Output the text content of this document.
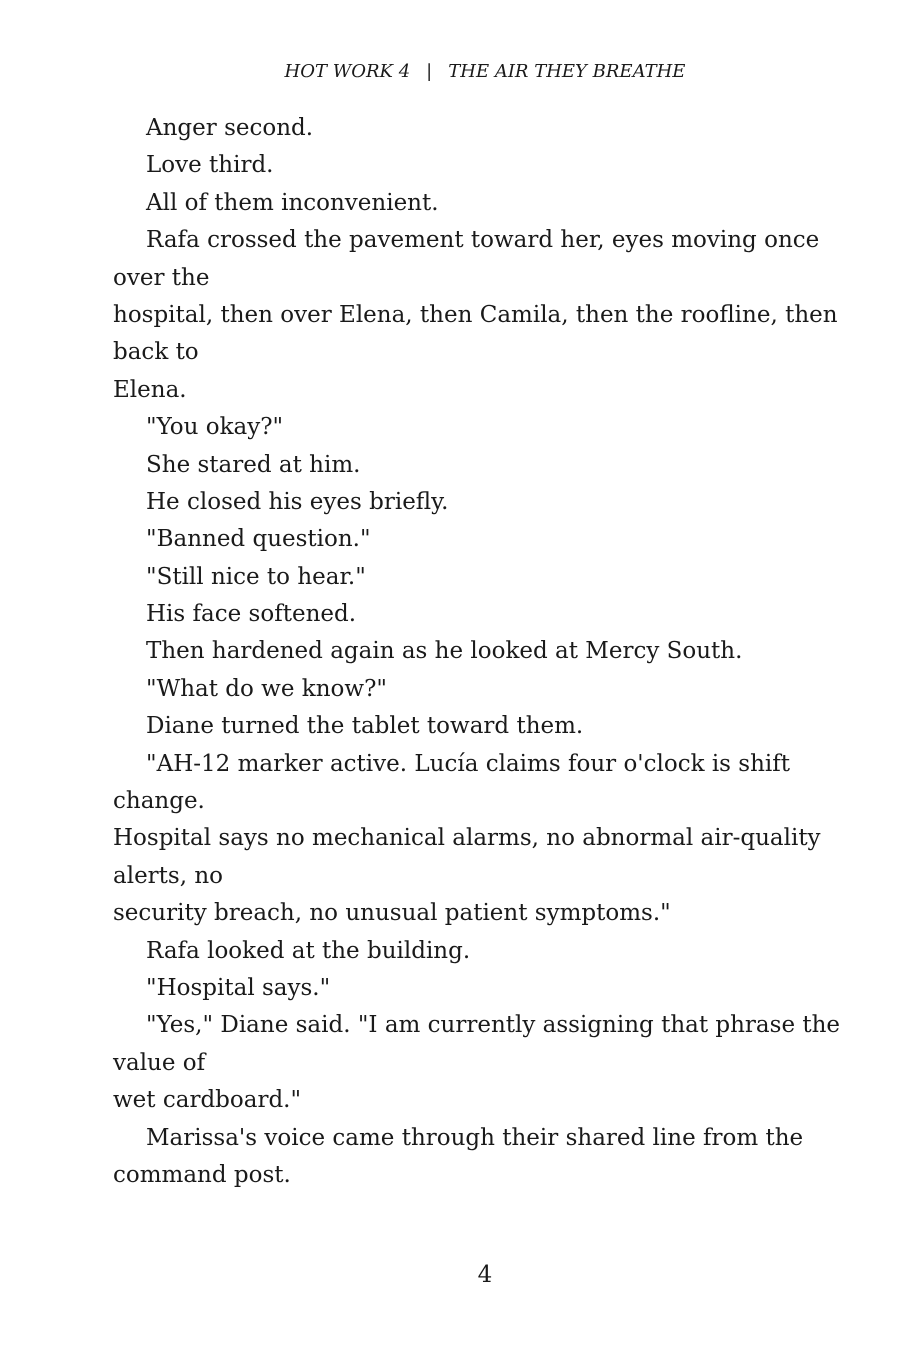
HOT WORK 4 | THE AIR THEY BREATHE
Anger second.
Love third.
All of them inconvenient.
Rafa crossed the pavement toward her, eyes moving once
over the
hospital, then over Elena, then Camila, then the roofline, then
back to
Elena.
"You okay?"
She stared at him.
He closed his eyes briefly.
"Banned question."
"Still nice to hear."
His face softened.
Then hardened again as he looked at Mercy South.
"What do we know?"
Diane turned the tablet toward them.
"AH-12 marker active. Lucía claims four o'clock is shift
change.
Hospital says no mechanical alarms, no abnormal air-quality
alerts, no
security breach, no unusual patient symptoms."
Rafa looked at the building.
"Hospital says."
"Yes," Diane said. "I am currently assigning that phrase the
value of
wet cardboard."
Marissa's voice came through their shared line from the
command post.
4
